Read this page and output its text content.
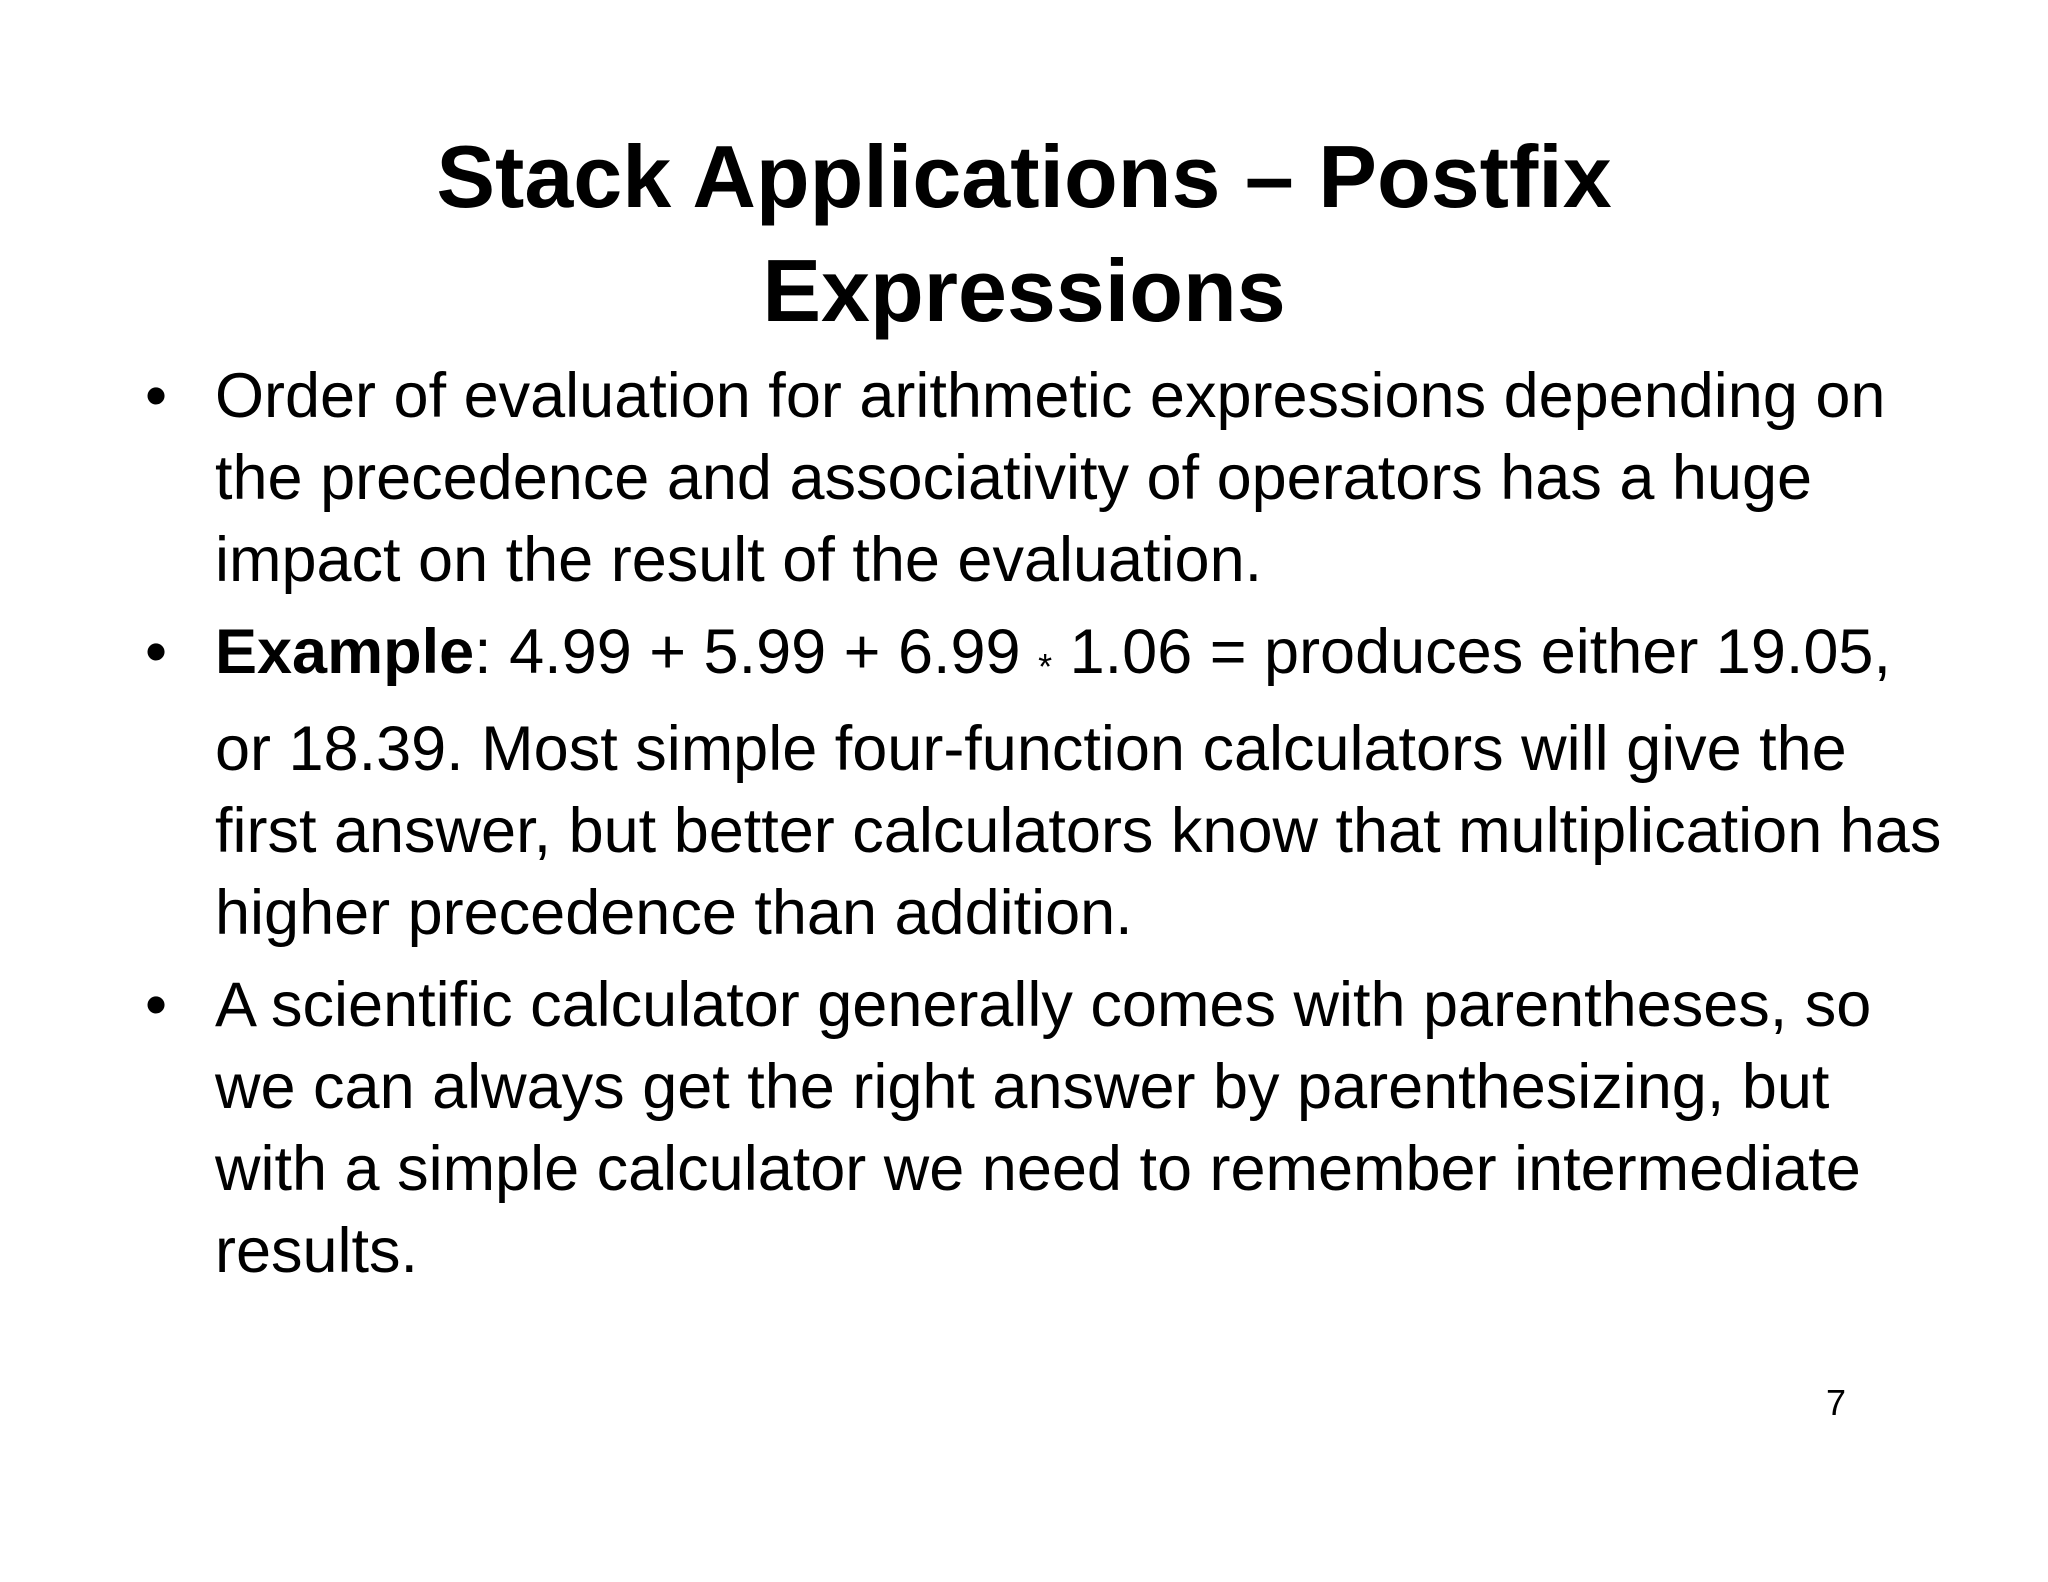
Stack Applications – Postfix
Expressions
• Order of evaluation for arithmetic expressions depending on the precedence and associativity of operators has a huge impact on the result of the evaluation.
• Example: 4.99 + 5.99 + 6.99 * 1.06 = produces either 19.05, or 18.39. Most simple four-function calculators will give the first answer, but better calculators know that multiplication has higher precedence than addition.
• A scientific calculator generally comes with parentheses, so we can always get the right answer by parenthesizing, but with a simple calculator we need to remember intermediate results.
7
